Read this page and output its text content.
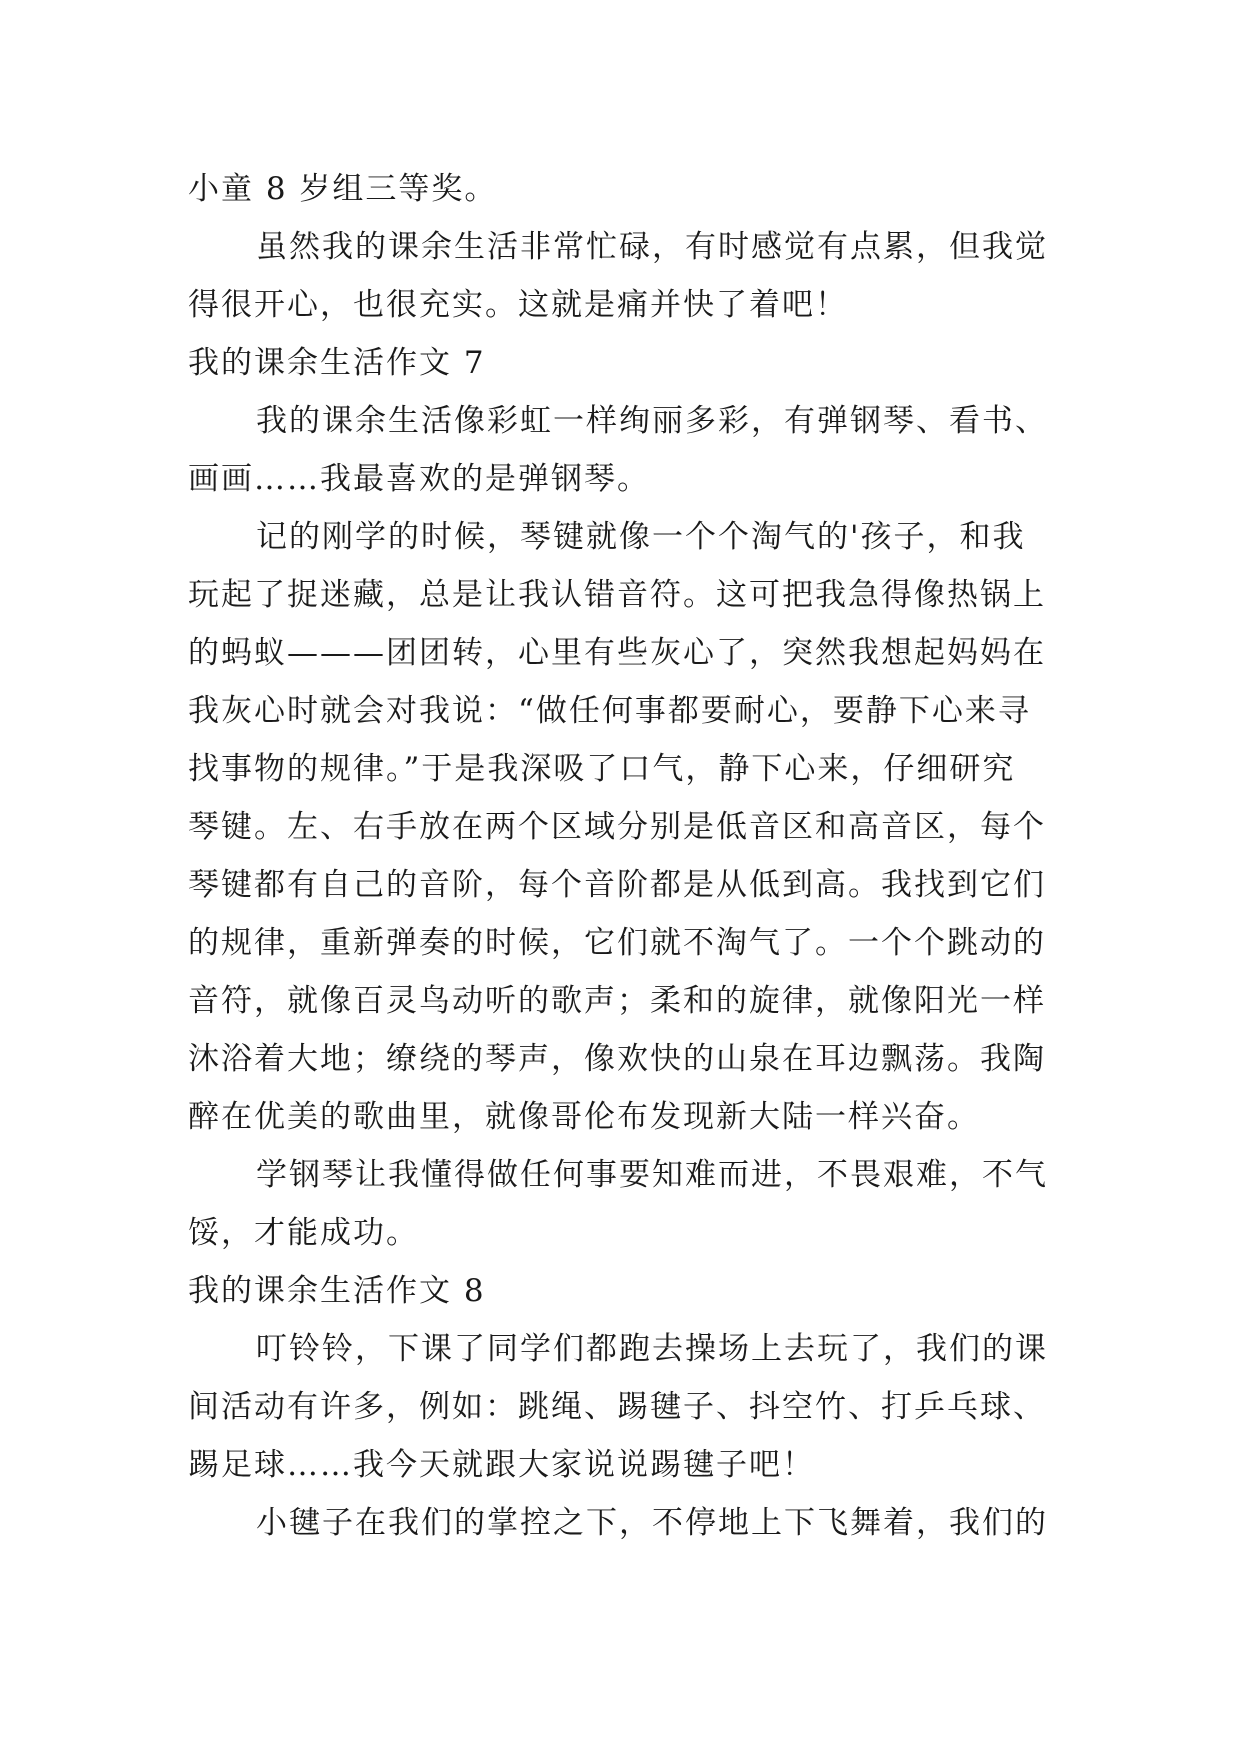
小童 8 岁组三等奖。

虽然我的课余生活非常忙碌，有时感觉有点累，但我觉
得很开心，也很充实。这就是痛并快了着吧！

我的课余生活作文 7

我的课余生活像彩虹一样绚丽多彩，有弹钢琴、看书、
画画……我最喜欢的是弹钢琴。

记的刚学的时候，琴键就像一个个淘气的'孩子，和我
玩起了捉迷藏，总是让我认错音符。这可把我急得像热锅上
的蚂蚁———团团转，心里有些灰心了，突然我想起妈妈在
我灰心时就会对我说：“做任何事都要耐心，要静下心来寻
找事物的规律。”于是我深吸了口气，静下心来，仔细研究
琴键。左、右手放在两个区域分别是低音区和高音区，每个
琴键都有自己的音阶，每个音阶都是从低到高。我找到它们
的规律，重新弹奏的时候，它们就不淘气了。一个个跳动的
音符，就像百灵鸟动听的歌声；柔和的旋律，就像阳光一样
沐浴着大地；缭绕的琴声，像欢快的山泉在耳边飘荡。我陶
醉在优美的歌曲里，就像哥伦布发现新大陆一样兴奋。

学钢琴让我懂得做任何事要知难而进，不畏艰难，不气
馁，才能成功。

我的课余生活作文 8

叮铃铃，下课了同学们都跑去操场上去玩了，我们的课
间活动有许多，例如：跳绳、踢毽子、抖空竹、打乒乓球、
踢足球……我今天就跟大家说说踢毽子吧！

小毽子在我们的掌控之下，不停地上下飞舞着，我们的
